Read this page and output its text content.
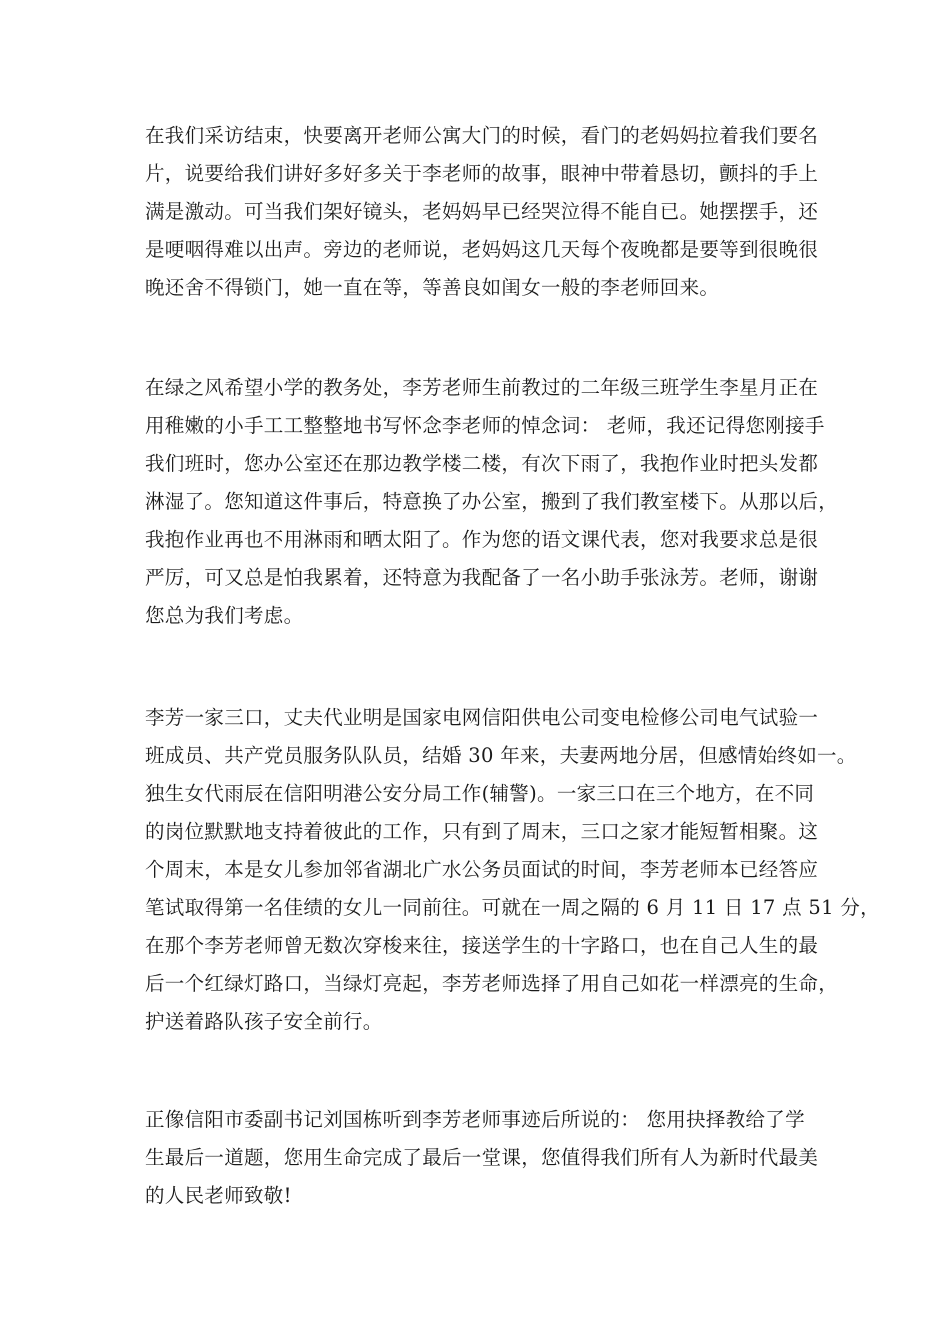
在我们采访结束，快要离开老师公寓大门的时候，看门的老妈妈拉着我们要名
片，说要给我们讲好多好多关于李老师的故事，眼神中带着恳切，颤抖的手上
满是激动。可当我们架好镜头，老妈妈早已经哭泣得不能自已。她摆摆手，还
是哽咽得难以出声。旁边的老师说，老妈妈这几天每个夜晚都是要等到很晚很
晚还舍不得锁门，她一直在等，等善良如闺女一般的李老师回来。
在绿之风希望小学的教务处，李芳老师生前教过的二年级三班学生李星月正在
用稚嫩的小手工工整整地书写怀念李老师的悼念词： 老师，我还记得您刚接手
我们班时，您办公室还在那边教学楼二楼，有次下雨了，我抱作业时把头发都
淋湿了。您知道这件事后，特意换了办公室，搬到了我们教室楼下。从那以后，
我抱作业再也不用淋雨和晒太阳了。作为您的语文课代表，您对我要求总是很
严厉，可又总是怕我累着，还特意为我配备了一名小助手张泳芳。老师，谢谢
您总为我们考虑。
李芳一家三口，丈夫代业明是国家电网信阳供电公司变电检修公司电气试验一
班成员、共产党员服务队队员，结婚 30 年来，夫妻两地分居，但感情始终如一。
独生女代雨辰在信阳明港公安分局工作(辅警)。一家三口在三个地方，在不同
的岗位默默地支持着彼此的工作，只有到了周末，三口之家才能短暂相聚。这
个周末，本是女儿参加邻省湖北广水公务员面试的时间，李芳老师本已经答应
笔试取得第一名佳绩的女儿一同前往。可就在一周之隔的 6 月 11 日 17 点 51 分，
在那个李芳老师曾无数次穿梭来往，接送学生的十字路口，也在自己人生的最
后一个红绿灯路口，当绿灯亮起，李芳老师选择了用自己如花一样漂亮的生命，
护送着路队孩子安全前行。
正像信阳市委副书记刘国栋听到李芳老师事迹后所说的： 您用抉择教给了学
生最后一道题，您用生命完成了最后一堂课，您值得我们所有人为新时代最美
的人民老师致敬!
